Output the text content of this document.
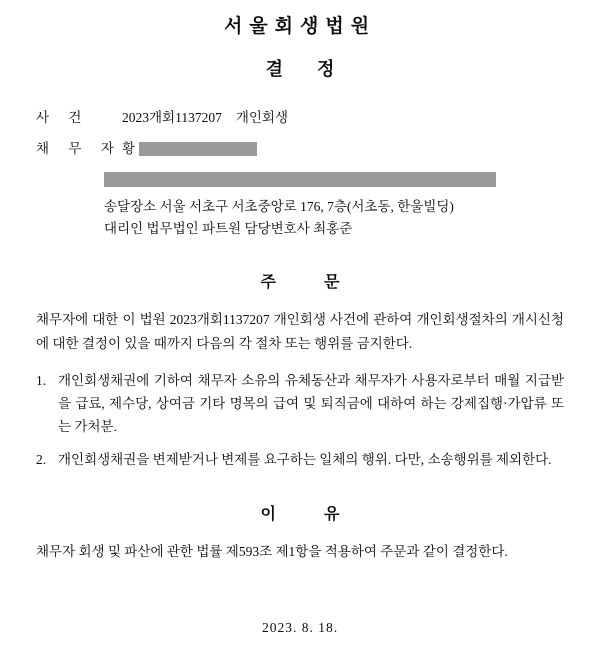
서울회생법원
결정
사 건	2023개회1137207 개인회생
채 무 자 황
송달장소 서울 서초구 서초중앙로 176, 7층(서초동, 한울빌딩)
대리인 법무법인 파트원 담당변호사 최홍준
주 문

채무자에 대한 이 법원 2023개회1137207 개인회생 사건에 관하여 개인회생절차의 개시신청에 대한 결정이 있을 때까지 다음의 각 절차 또는 행위를 금지한다.

1. 개인회생채권에 기하여 채무자 소유의 유체동산과 채무자가 사용자로부터 매월 지급받을 급료, 제수당, 상여금 기타 명목의 급여 및 퇴직금에 대하여 하는 강제집행·가압류 또는 가처분.
2. 개인회생채권을 변제받거나 변제를 요구하는 일체의 행위. 다만, 소송행위를 제외한다.
이 유

채무자 회생 및 파산에 관한 법률 제593조 제1항을 적용하여 주문과 같이 결정한다.

2023. 8. 18.
